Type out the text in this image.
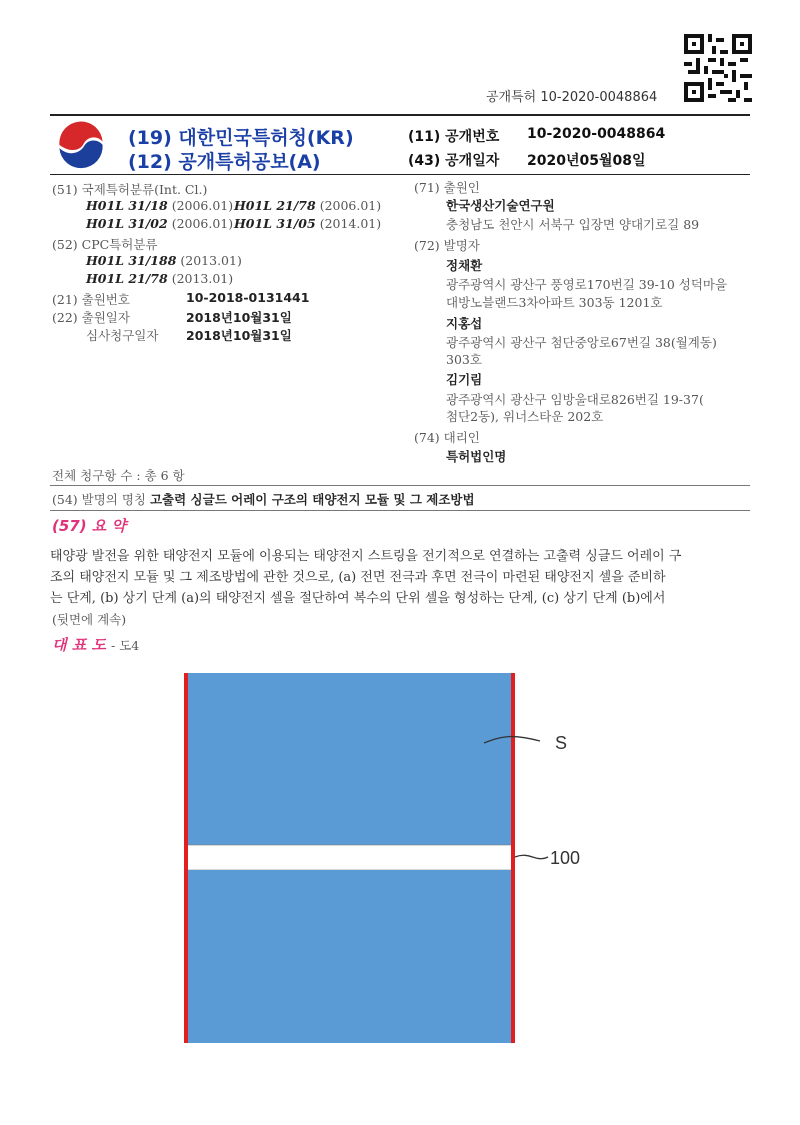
공개특허 10-2020-0048864
(19) 대한민국특허청(KR)
(12) 공개특허공보(A)
(11) 공개번호 10-2020-0048864
(43) 공개일자 2020년05월08일
(51) 국제특허분류(Int. Cl.)
H01L 31/18 (2006.01) H01L 21/78 (2006.01)
H01L 31/02 (2006.01) H01L 31/05 (2014.01)
(52) CPC특허분류
H01L 31/188 (2013.01)
H01L 21/78 (2013.01)
(21) 출원번호	10-2018-0131441
(22) 출원일자	2018년10월31일
심사청구일자 2018년10월31일
(71) 출원인
한국생산기술연구원
충청남도 천안시 서북구 입장면 양대기로길 89
(72) 발명자
정채환
광주광역시 광산구 풍영로170번길 39-10 성덕마을
대방노블랜드3차아파트 303동 1201호
지홍섭
광주광역시 광산구 첨단중앙로67번길 38(월계동)
303호
김기림
광주광역시 광산구 임방울대로826번길 19-37(
첨단2동), 위너스타운 202호
(74) 대리인
특허법인명
전체 청구항 수 : 총 6 항
(54) 발명의 명칭 고출력 싱글드 어레이 구조의 태양전지 모듈 및 그 제조방법
(57) 요 약
태양광 발전을 위한 태양전지 모듈에 이용되는 태양전지 스트링을 전기적으로 연결하는 고출력 싱글드 어레이 구
조의 태양전지 모듈 및 그 제조방법에 관한 것으로, (a) 전면 전극과 후면 전극이 마련된 태양전지 셀을 준비하
는 단계, (b) 상기 단계 (a)의 태양전지 셀을 절단하여 복수의 단위 셀을 형성하는 단계, (c) 상기 단계 (b)에서
(뒷면에 계속)
대 표 도 - 도4
S
100
